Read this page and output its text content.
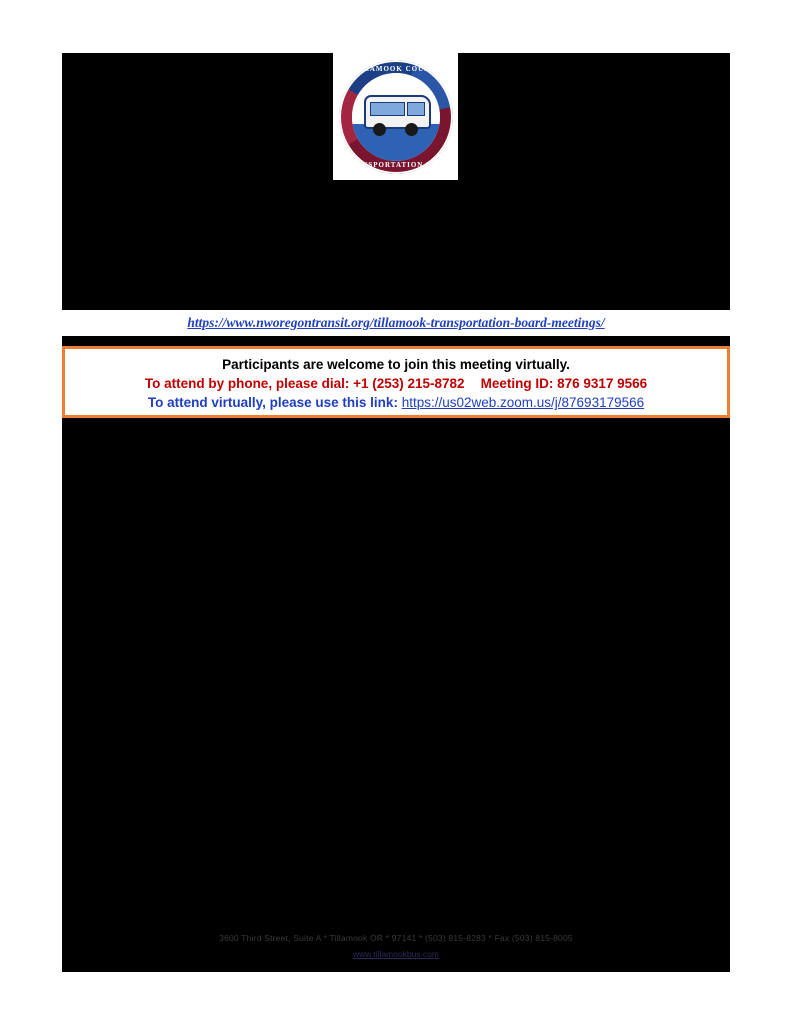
TILLAMOOK COUNTY
TRANSPORTATION DIST
https://www.nworegontransit.org/tillamook-transportation-board-meetings/
Participants are welcome to join this meeting virtually.
To attend by phone, please dial: +1 (253) 215-8782 Meeting ID: 876 9317 9566
To attend virtually, please use this link: https://us02web.zoom.us/j/87693179566
3600 Third Street, Suite A * Tillamook OR * 97141 * (503) 815-8283 * Fax (503) 815-8005
www.tillamookbus.com
